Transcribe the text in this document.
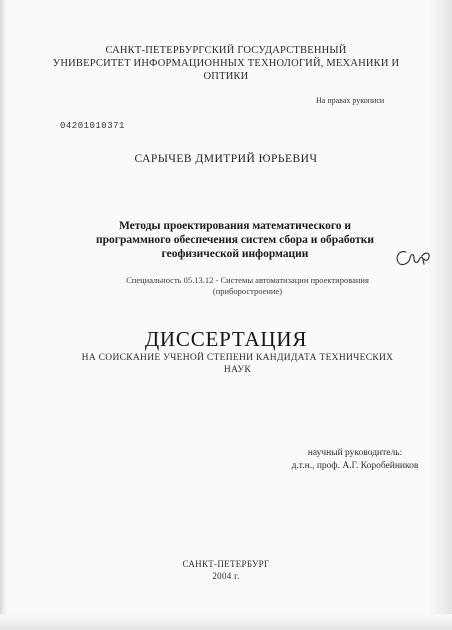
САНКТ-ПЕТЕРБУРГСКИЙ ГОСУДАРСТВЕННЫЙ
УНИВЕРСИТЕТ ИНФОРМАЦИОННЫХ ТЕХНОЛОГИЙ, МЕХАНИКИ И
ОПТИКИ
На правах рукописи
04201010371
САРЫЧЕВ ДМИТРИЙ ЮРЬЕВИЧ
Методы проектирования математического и
программного обеспечения систем сбора и обработки
геофизической информации
Специальность 05.13.12 - Системы автоматизации проектирования
(приборостроение)
ДИССЕРТАЦИЯ
НА СОИСКАНИЕ УЧЕНОЙ СТЕПЕНИ КАНДИДАТА ТЕХНИЧЕСКИХ
НАУК
научный руководитель:
д.т.н., проф. А.Г. Коробейников
САНКТ-ПЕТЕРБУРГ
2004 г.
